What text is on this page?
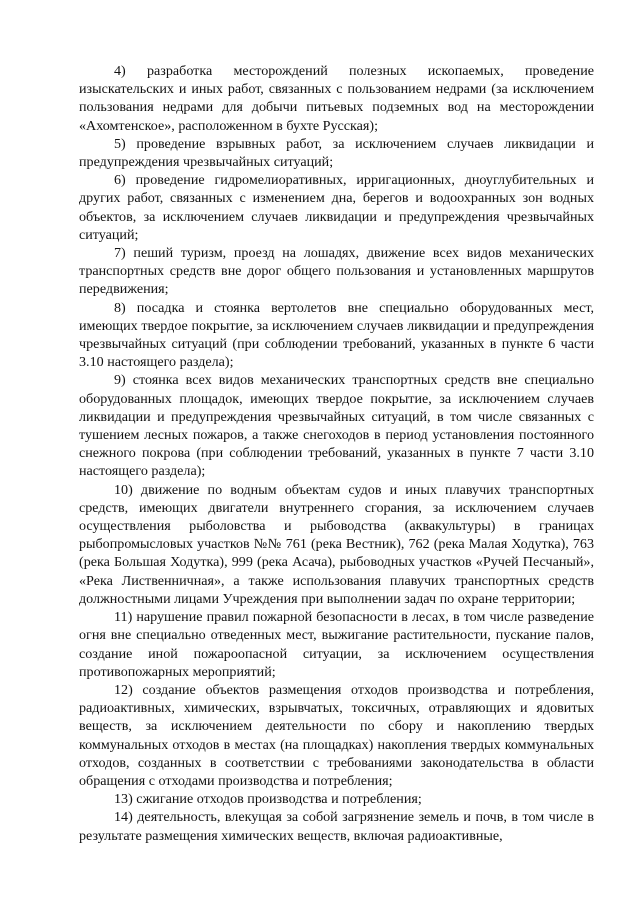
4) разработка месторождений полезных ископаемых, проведение изыскательских и иных работ, связанных с пользованием недрами (за исключением пользования недрами для добычи питьевых подземных вод на месторождении «Ахомтенское», расположенном в бухте Русская);

5) проведение взрывных работ, за исключением случаев ликвидации и предупреждения чрезвычайных ситуаций;

6) проведение гидромелиоративных, ирригационных, дноуглубительных и других работ, связанных с изменением дна, берегов и водоохранных зон водных объектов, за исключением случаев ликвидации и предупреждения чрезвычайных ситуаций;

7) пеший туризм, проезд на лошадях, движение всех видов механических транспортных средств вне дорог общего пользования и установленных маршрутов передвижения;

8) посадка и стоянка вертолетов вне специально оборудованных мест, имеющих твердое покрытие, за исключением случаев ликвидации и предупреждения чрезвычайных ситуаций (при соблюдении требований, указанных в пункте 6 части 3.10 настоящего раздела);

9) стоянка всех видов механических транспортных средств вне специально оборудованных площадок, имеющих твердое покрытие, за исключением случаев ликвидации и предупреждения чрезвычайных ситуаций, в том числе связанных с тушением лесных пожаров, а также снегоходов в период установления постоянного снежного покрова (при соблюдении требований, указанных в пункте 7 части 3.10 настоящего раздела);

10) движение по водным объектам судов и иных плавучих транспортных средств, имеющих двигатели внутреннего сгорания, за исключением случаев осуществления рыболовства и рыбоводства (аквакультуры) в границах рыбопромысловых участков №№ 761 (река Вестник), 762 (река Малая Ходутка), 763 (река Большая Ходутка), 999 (река Асача), рыбоводных участков «Ручей Песчаный», «Река Лиственничная», а также использования плавучих транспортных средств должностными лицами Учреждения при выполнении задач по охране территории;

11) нарушение правил пожарной безопасности в лесах, в том числе разведение огня вне специально отведенных мест, выжигание растительности, пускание палов, создание иной пожароопасной ситуации, за исключением осуществления противопожарных мероприятий;

12) создание объектов размещения отходов производства и потребления, радиоактивных, химических, взрывчатых, токсичных, отравляющих и ядовитых веществ, за исключением деятельности по сбору и накоплению твердых коммунальных отходов в местах (на площадках) накопления твердых коммунальных отходов, созданных в соответствии с требованиями законодательства в области обращения с отходами производства и потребления;

13) сжигание отходов производства и потребления;

14) деятельность, влекущая за собой загрязнение земель и почв, в том числе в результате размещения химических веществ, включая радиоактивные,
